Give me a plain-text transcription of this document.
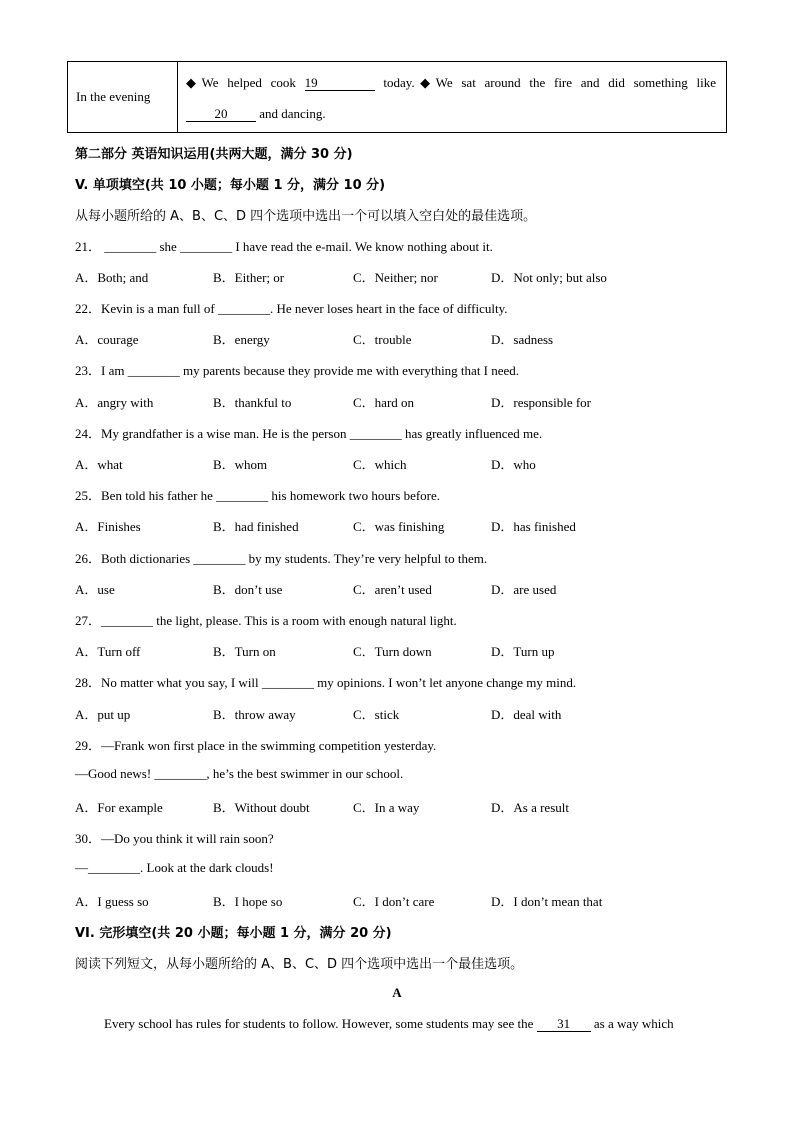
In the evening
◆We helped cook 19	today.◆We sat around the fire and did something like
20 and dancing.
第二部分 英语知识运用(共两大题，满分 30 分)
V. 单项填空(共 10 小题；每小题 1 分，满分 10 分)
从每小题所给的 A、B、C、D 四个选项中选出一个可以填入空白处的最佳选项。
21． ________ she ________ I have read the e-mail. We know nothing about it.
A．Both; and	B．Either; or	C．Neither; nor	D．Not only; but also
22．Kevin is a man full of ________. He never loses heart in the face of difficulty.
A．courage	B．energy	C．trouble	D．sadness
23．I am ________ my parents because they provide me with everything that I need.
A．angry with	B．thankful to	C．hard on	D．responsible for
24．My grandfather is a wise man. He is the person ________ has greatly influenced me.
A．what	B．whom	C．which	D．who
25．Ben told his father he ________ his homework two hours before.
A．Finishes	B．had finished	C．was finishing	D．has finished
26．Both dictionaries ________ by my students. They’re very helpful to them.
A．use	B．don’t use	C．aren’t used	D．are used
27．________ the light, please. This is a room with enough natural light.
A．Turn off	B．Turn on	C．Turn down	D．Turn up
28．No matter what you say, I will ________ my opinions. I won’t let anyone change my mind.
A．put up	B．throw away	C．stick	D．deal with
29．—Frank won first place in the swimming competition yesterday.
—Good news! ________, he’s the best swimmer in our school.
A．For example	B．Without doubt	C．In a way	D．As a result
30．—Do you think it will rain soon?
—________. Look at the dark clouds!
A．I guess so	B．I hope so	C．I don’t care	D．I don’t mean that
VI. 完形填空(共 20 小题；每小题 1 分，满分 20 分)
阅读下列短文，从每小题所给的 A、B、C、D 四个选项中选出一个最佳选项。
A
Every school has rules for students to follow. However, some students may see the 31 as a way which
